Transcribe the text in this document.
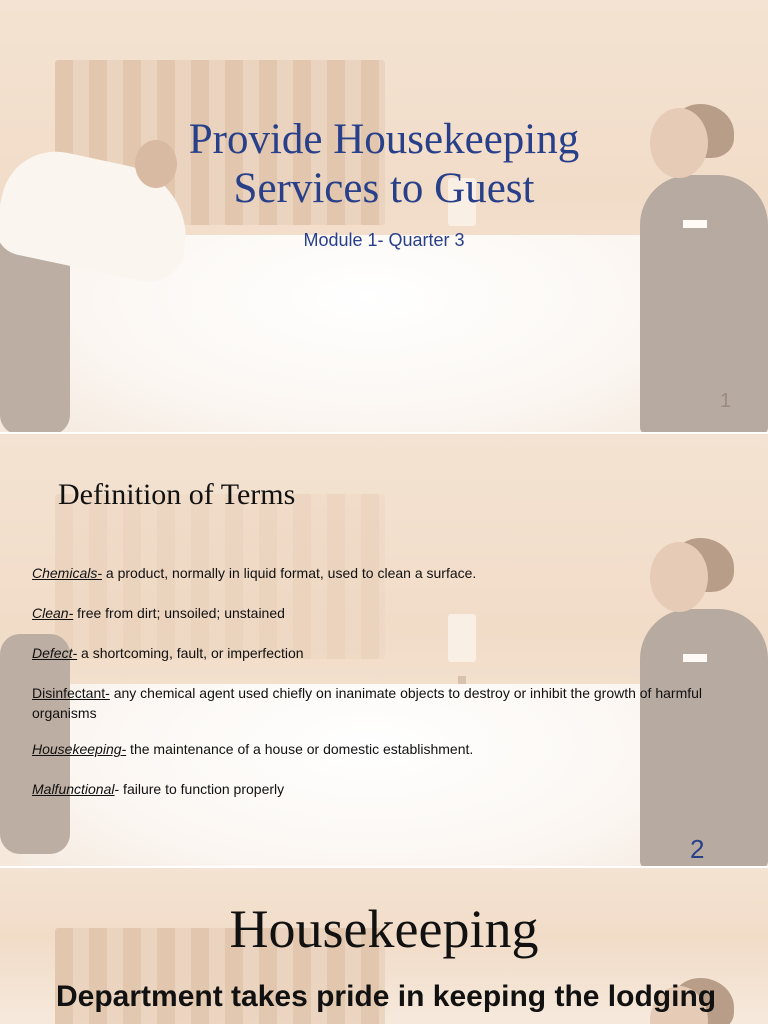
Provide Housekeeping
Services to Guest

Module 1- Quarter 3

1
Definition of Terms
Chemicals- a product, normally in liquid format, used to clean a surface.
Clean- free from dirt; unsoiled; unstained
Defect- a shortcoming, fault, or imperfection
Disinfectant- any chemical agent used chiefly on inanimate objects to destroy or inhibit the growth of harmful organisms
Housekeeping- the maintenance of a house or domestic establishment.
Malfunctional- failure to function properly
2
Housekeeping

Department takes pride in keeping the lodging
